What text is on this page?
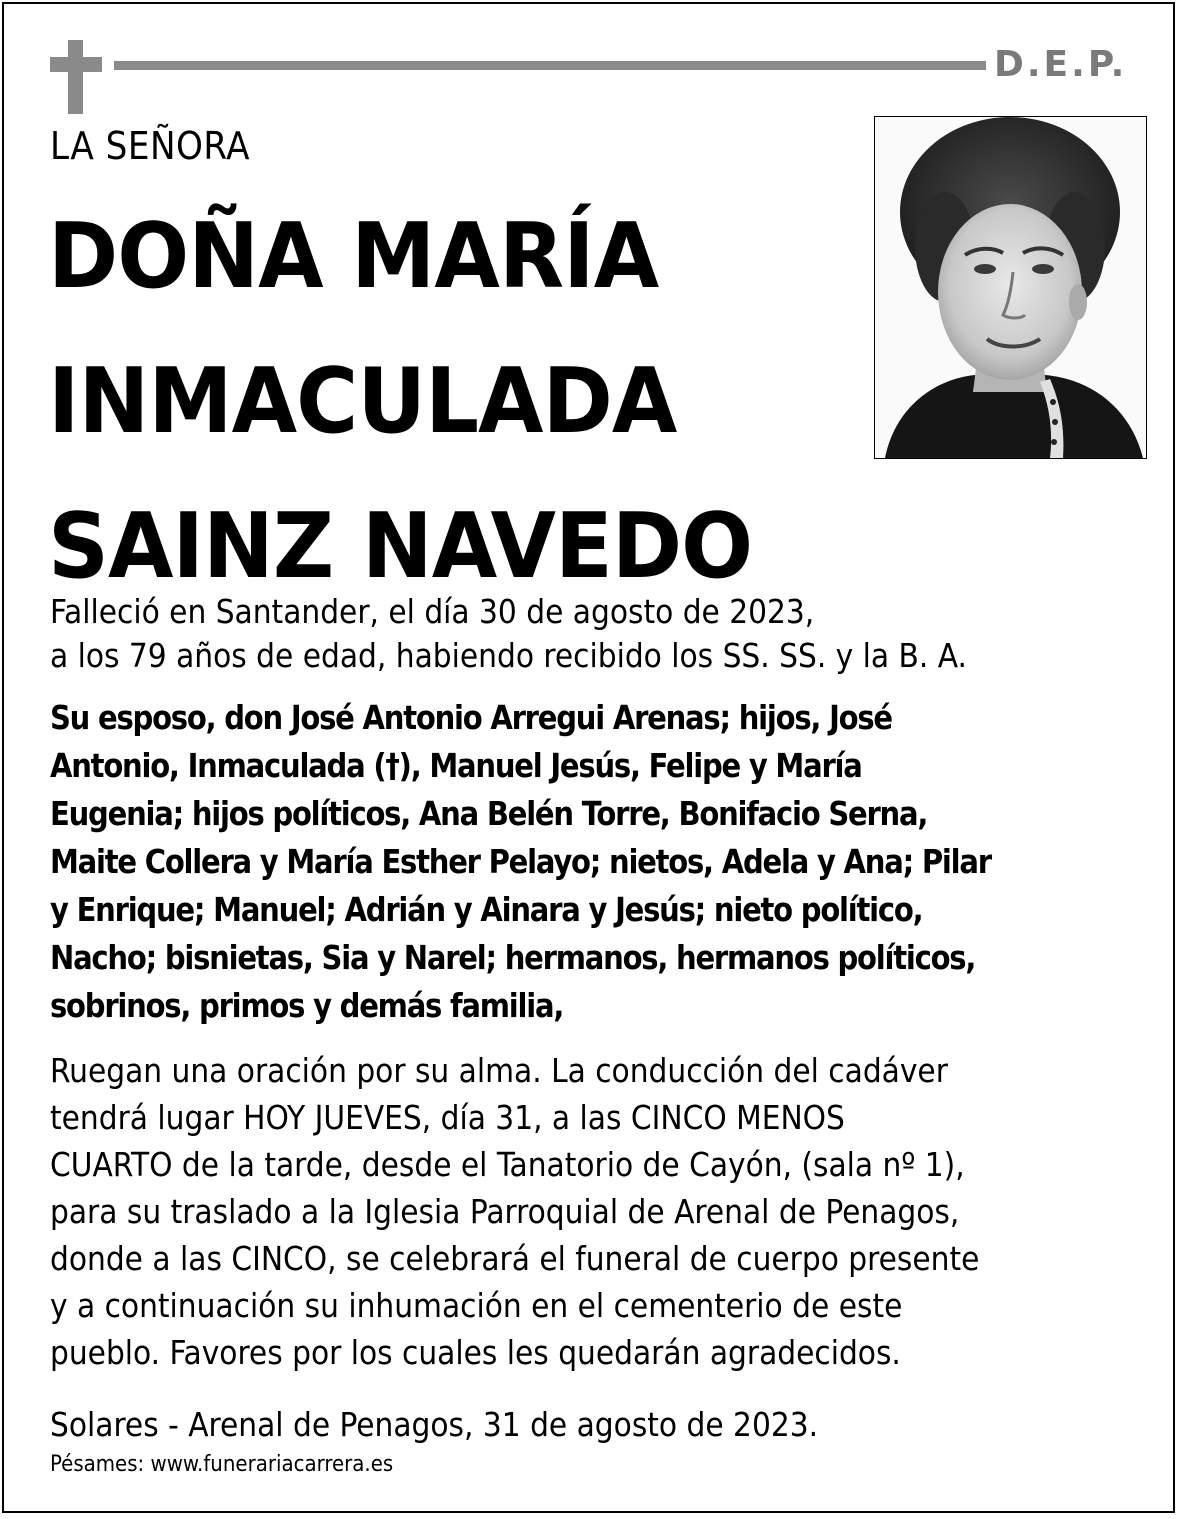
D.E.P.
LA SEÑORA
DOÑA MARÍA
INMACULADA
SAINZ NAVEDO
Falleció en Santander, el día 30 de agosto de 2023,
a los 79 años de edad, habiendo recibido los SS. SS. y la B. A.
Su esposo, don José Antonio Arregui Arenas; hijos, José
Antonio, Inmaculada (†), Manuel Jesús, Felipe y María
Eugenia; hijos políticos, Ana Belén Torre, Bonifacio Serna,
Maite Collera y María Esther Pelayo; nietos, Adela y Ana; Pilar
y Enrique; Manuel; Adrián y Ainara y Jesús; nieto político,
Nacho; bisnietas, Sia y Narel; hermanos, hermanos políticos,
sobrinos, primos y demás familia,
Ruegan una oración por su alma. La conducción del cadáver
tendrá lugar HOY JUEVES, día 31, a las CINCO MENOS
CUARTO de la tarde, desde el Tanatorio de Cayón, (sala nº 1),
para su traslado a la Iglesia Parroquial de Arenal de Penagos,
donde a las CINCO, se celebrará el funeral de cuerpo presente
y a continuación su inhumación en el cementerio de este
pueblo. Favores por los cuales les quedarán agradecidos.
Solares - Arenal de Penagos, 31 de agosto de 2023.
Pésames: www.funerariacarrera.es
